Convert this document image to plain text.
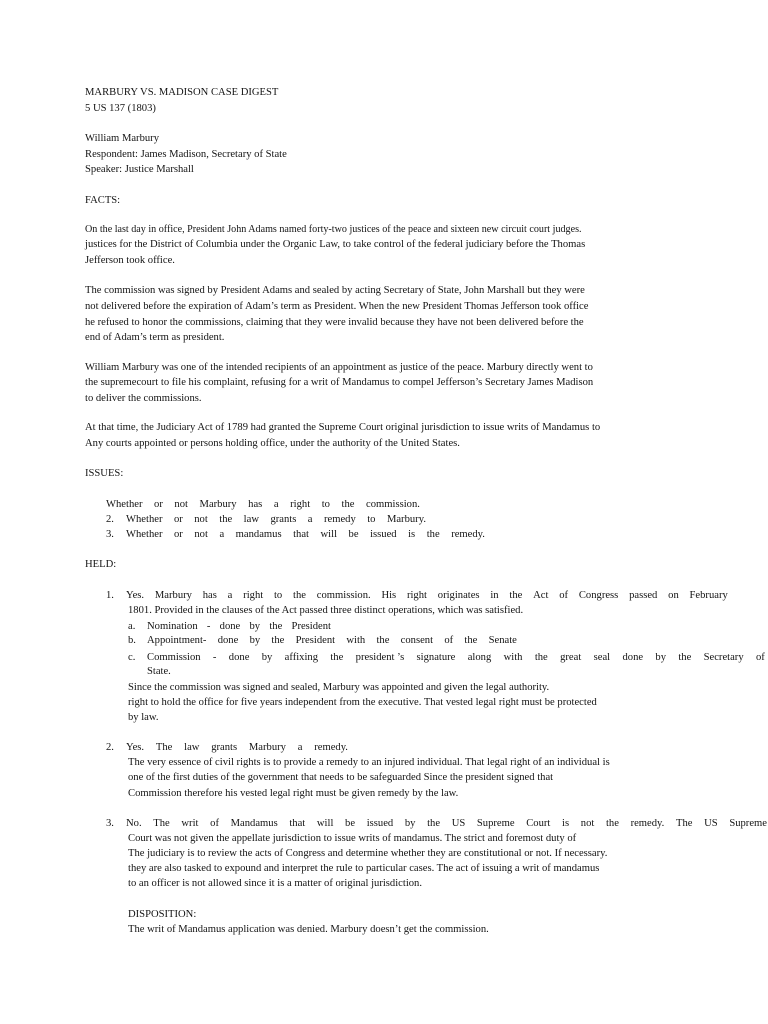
MARBURY VS. MADISON CASE DIGEST
5 US 137 (1803)
William Marbury
Respondent: James Madison, Secretary of State
Speaker: Justice Marshall
FACTS:
On the last day in office, President John Adams named forty-two justices of the peace and sixteen new circuit court judges.
justices for the District of Columbia under the Organic Law, to take control of the federal judiciary before the Thomas
Jefferson took office.
The commission was signed by President Adams and sealed by acting Secretary of State, John Marshall but they were
not delivered before the expiration of Adam’s term as President. When the new President Thomas Jefferson took office
he refused to honor the commissions, claiming that they were invalid because they have not been delivered before the
end of Adam’s term as president.
William Marbury was one of the intended recipients of an appointment as justice of the peace. Marbury directly went to
the supremecourt to file his complaint, refusing for a writ of Mandamus to compel Jefferson’s Secretary James Madison
to deliver the commissions.
At that time, the Judiciary Act of 1789 had granted the Supreme Court original jurisdiction to issue writs of Mandamus to
Any courts appointed or persons holding office, under the authority of the United States.
ISSUES:
Whether or not Marbury has a right to the commission.
2. Whether or not the law grants a remedy to Marbury.
3. Whether or not a mandamus that will be issued is the remedy.
HELD:
1. Yes. Marbury has a right to the commission. His right originates in the Act of Congress passed on February
1801. Provided in the clauses of the Act passed three distinct operations, which was satisfied.
a. Nomination - done by the President
b. Appointment- done by the President with the consent of the Senate
c. Commission - done by affixing the president ’s signature along with the great seal done by the Secretary of
State.
Since the commission was signed and sealed, Marbury was appointed and given the legal authority.
right to hold the office for five years independent from the executive. That vested legal right must be protected
by law.
2. Yes. The law grants Marbury a remedy.
The very essence of civil rights is to provide a remedy to an injured individual. That legal right of an individual is
one of the first duties of the government that needs to be safeguarded Since the president signed that
Commission therefore his vested legal right must be given remedy by the law.
3. No. The writ of Mandamus that will be issued by the US Supreme Court is not the remedy. The US Supreme
Court was not given the appellate jurisdiction to issue writs of mandamus. The strict and foremost duty of
The judiciary is to review the acts of Congress and determine whether they are constitutional or not. If necessary.
they are also tasked to expound and interpret the rule to particular cases. The act of issuing a writ of mandamus
to an officer is not allowed since it is a matter of original jurisdiction.
DISPOSITION:
The writ of Mandamus application was denied. Marbury doesn’t get the commission.
